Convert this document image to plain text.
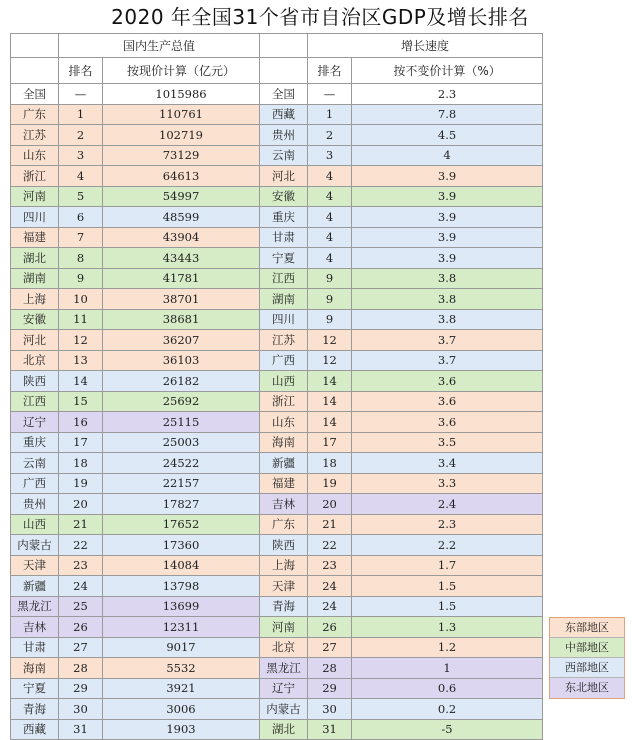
2020 年全国31个省市自治区GDP及增长排名
	国内生产总值			增长速度	
	排名	按现价计算（亿元）		排名	按不变价计算（%）
全国	—	1015986	全国	—	2.3
广东	1	110761	西藏	1	7.8
江苏	2	102719	贵州	2	4.5
山东	3	73129	云南	3	4
浙江	4	64613	河北	4	3.9
河南	5	54997	安徽	4	3.9
四川	6	48599	重庆	4	3.9
福建	7	43904	甘肃	4	3.9
湖北	8	43443	宁夏	4	3.9
湖南	9	41781	江西	9	3.8
上海	10	38701	湖南	9	3.8
安徽	11	38681	四川	9	3.8
河北	12	36207	江苏	12	3.7
北京	13	36103	广西	12	3.7
陕西	14	26182	山西	14	3.6
江西	15	25692	浙江	14	3.6
辽宁	16	25115	山东	14	3.6
重庆	17	25003	海南	17	3.5
云南	18	24522	新疆	18	3.4
广西	19	22157	福建	19	3.3
贵州	20	17827	吉林	20	2.4
山西	21	17652	广东	21	2.3
内蒙古	22	17360	陕西	22	2.2
天津	23	14084	上海	23	1.7
新疆	24	13798	天津	24	1.5
黑龙江	25	13699	青海	24	1.5
吉林	26	12311	河南	26	1.3
甘肃	27	9017	北京	27	1.2
海南	28	5532	黑龙江	28	1
宁夏	29	3921	辽宁	29	0.6
青海	30	3006	内蒙古	30	0.2
西藏	31	1903	湖北	31	-5
东部地区
中部地区
西部地区
东北地区
